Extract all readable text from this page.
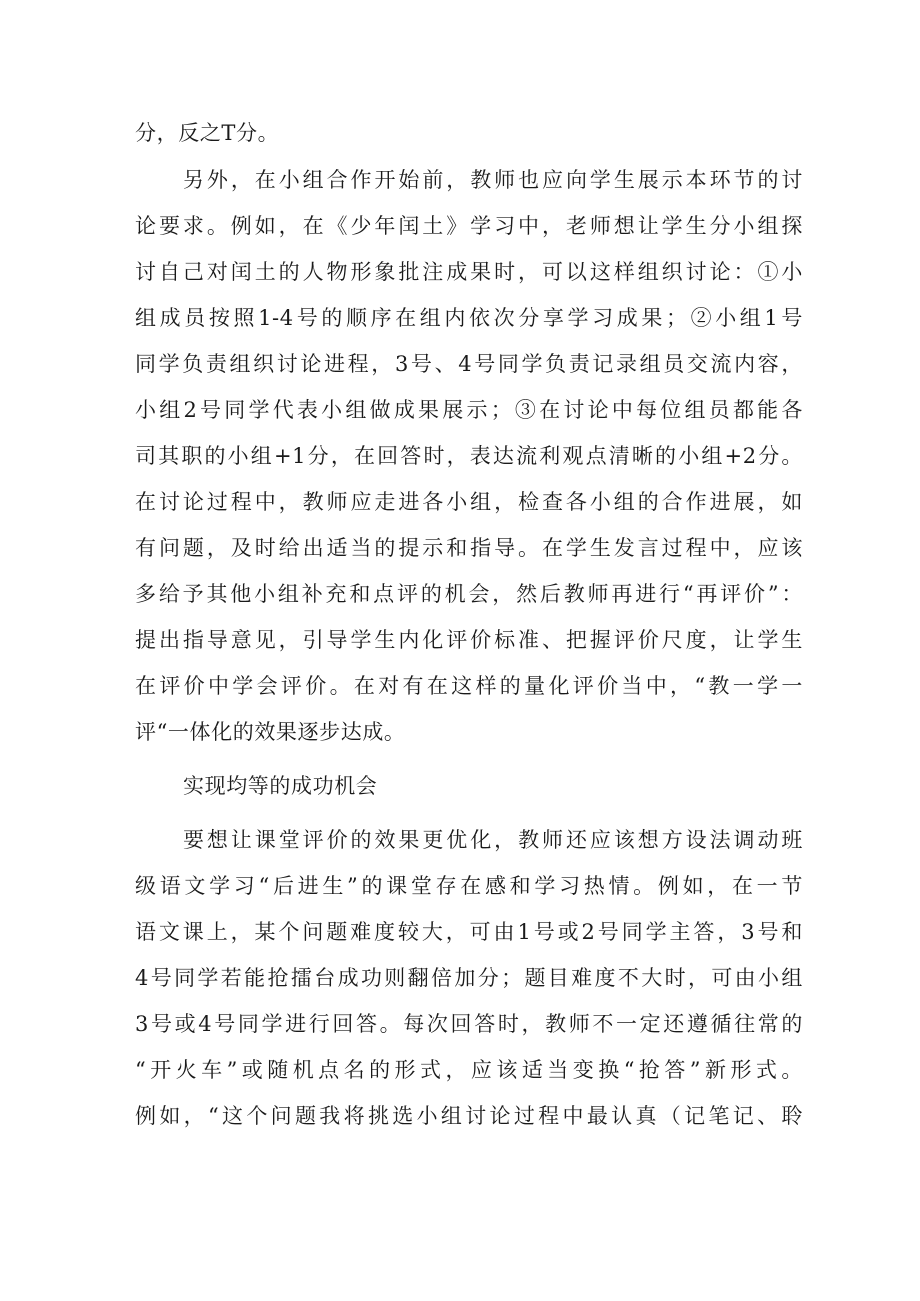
分，反之T分。
另外，在小组合作开始前，教师也应向学生展示本环节的讨
论要求。例如，在《少年闰土》学习中，老师想让学生分小组探
讨自己对闰土的人物形象批注成果时，可以这样组织讨论：①小
组成员按照1-4号的顺序在组内依次分享学习成果；②小组1号
同学负责组织讨论进程，3号、4号同学负责记录组员交流内容，
小组2号同学代表小组做成果展示；③在讨论中每位组员都能各
司其职的小组+1分，在回答时，表达流利观点清晰的小组+2分。
在讨论过程中，教师应走进各小组，检查各小组的合作进展，如
有问题，及时给出适当的提示和指导。在学生发言过程中，应该
多给予其他小组补充和点评的机会，然后教师再进行“再评价”：
提出指导意见，引导学生内化评价标准、把握评价尺度，让学生
在评价中学会评价。在对有在这样的量化评价当中，“教一学一
评“一体化的效果逐步达成。
实现均等的成功机会
要想让课堂评价的效果更优化，教师还应该想方设法调动班
级语文学习“后进生”的课堂存在感和学习热情。例如，在一节
语文课上，某个问题难度较大，可由1号或2号同学主答，3号和
4号同学若能抢擂台成功则翻倍加分；题目难度不大时，可由小组
3号或4号同学进行回答。每次回答时，教师不一定还遵循往常的
“开火车”或随机点名的形式，应该适当变换“抢答”新形式。
例如，“这个问题我将挑选小组讨论过程中最认真（记笔记、聆
